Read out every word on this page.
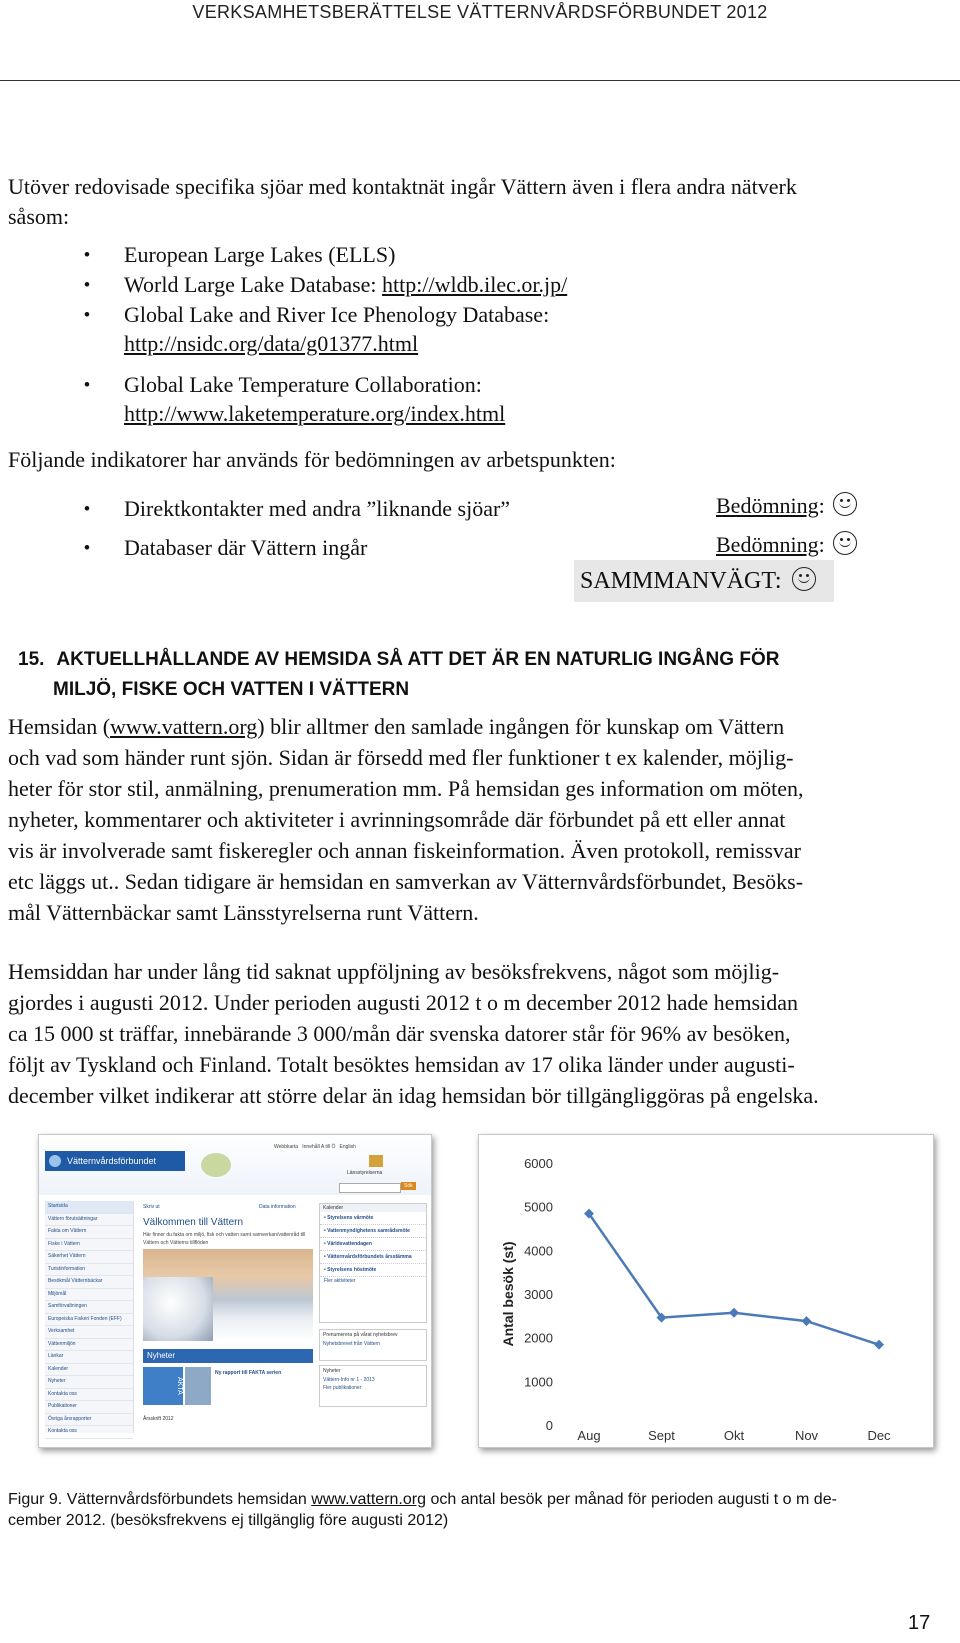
VERKSAMHETSBERÄTTELSE VÄTTERNVÅRDSFÖRBUNDET 2012
Utöver redovisade specifika sjöar med kontaktnät ingår Vättern även i flera andra nätverk
såsom:
European Large Lakes (ELLS)
World Large Lake Database: http://wldb.ilec.or.jp/
Global Lake and River Ice Phenology Database:
http://nsidc.org/data/g01377.html
Global Lake Temperature Collaboration:
http://www.laketemperature.org/index.html
Följande indikatorer har används för bedömningen av arbetspunkten:
Direktkontakter med andra ”liknande sjöar”	Bedömning:
Databaser där Vättern ingår	Bedömning:
SAMMMANVÄGT:
15. AKTUELLHÅLLANDE AV HEMSIDA SÅ ATT DET ÄR EN NATURLIG INGÅNG FÖR
MILJÖ, FISKE OCH VATTEN I VÄTTERN
Hemsidan (www.vattern.org) blir alltmer den samlade ingången för kunskap om Vättern
och vad som händer runt sjön. Sidan är försedd med fler funktioner t ex kalender, möjlig-
heter för stor stil, anmälning, prenumeration mm. På hemsidan ges information om möten,
nyheter, kommentarer och aktiviteter i avrinningsområde där förbundet på ett eller annat
vis är involverade samt fiskeregler och annan fiskeinformation. Även protokoll, remissvar
etc läggs ut.. Sedan tidigare är hemsidan en samverkan av Vätternvårdsförbundet, Besöks-
mål Vätternbäckar samt Länsstyrelserna runt Vättern.
Hemsiddan har under lång tid saknat uppföljning av besöksfrekvens, något som möjlig-
gjordes i augusti 2012. Under perioden augusti 2012 t o m december 2012 hade hemsidan
ca 15 000 st träffar, innebärande 3 000/mån där svenska datorer står för 96% av besöken,
följt av Tyskland och Finland. Totalt besöktes hemsidan av 17 olika länder under augusti-
december vilket indikerar att större delar än idag hemsidan bör tillgängliggöras på engelska.
Vätternvårdsförbundet
Webbkarta Innehåll A till Ö English
Länsstyrelserna
Sök
Startsida
Vättern förutsättningar
Fakta om Vättern
Fiske i Vättern
Säkerhet Vättern
Turistinformation
Besökmål Vätternbäckar
Miljömål
Samförvaltningen
Europeiska Fiskeri Fonden (EFF)
Verksamhet
Vättenmiljön
Länkar
Kalender
Nyheter
Kontakta oss
Publikationer
Övriga årsrapporter
Kontakta oss
Skriv ut	Data information
Välkommen till Vättern
Här finner du fakta om miljö, fisk och vatten samt samverkan/vattenråd till Vättern och Vätterns tillflöden
Kalender
• Styrelsens vårmöte
• Vattenmyndighetens samrådsmöte
• Världsvattendagen
• Vätternvårdsförbundets årsstämma
• Styrelsens höstmöte
Fler aktiviteter
Nyheter
AKTA
Ny rapport till FAKTA serien
Årsskrift 2012
Prenumerera på vårat nyhetsbrev
Nyhetsbrevet från Vättern
Nyheter
Vättern-Info nr 1 - 2013
Fler publikationer
0
1000
2000
3000
4000
5000
6000
Aug	Sept	Okt	Nov	Dec
Antal besök (st)
Figur 9. Vätternvårdsförbundets hemsidan www.vattern.org och antal besök per månad för perioden augusti t o m de-
cember 2012. (besöksfrekvens ej tillgänglig före augusti 2012)
17
